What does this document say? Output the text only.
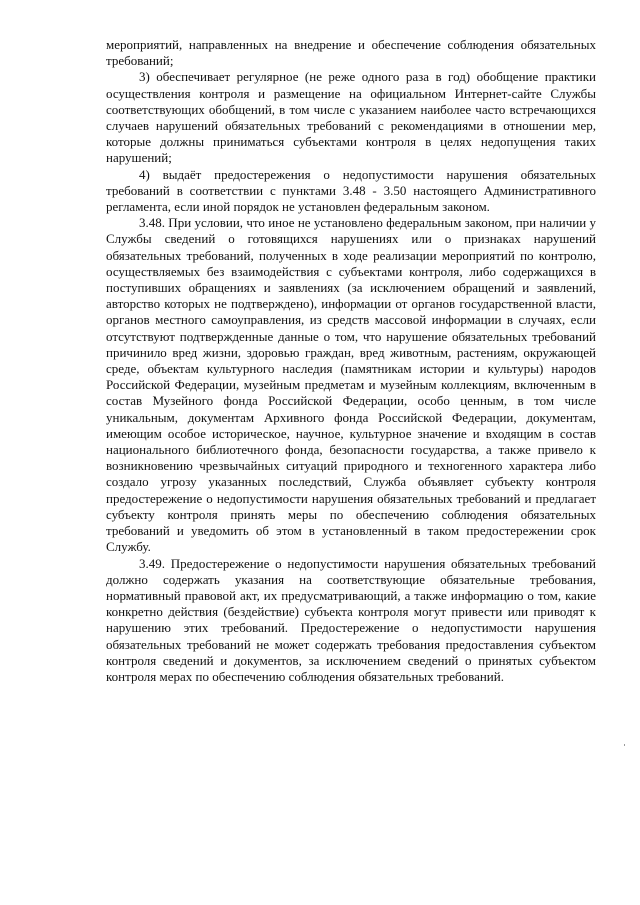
мероприятий, направленных на внедрение и обеспечение соблюдения обязательных требований;

3) обеспечивает регулярное (не реже одного раза в год) обобщение практики осуществления контроля и размещение на официальном Интернет-сайте Службы соответствующих обобщений, в том числе с указанием наиболее часто встречающихся случаев нарушений обязательных требований с рекомендациями в отношении мер, которые должны приниматься субъектами контроля в целях недопущения таких нарушений;

4) выдаёт предостережения о недопустимости нарушения обязательных требований в соответствии с пунктами 3.48 - 3.50 настоящего Административного регламента, если иной порядок не установлен федеральным законом.

3.48. При условии, что иное не установлено федеральным законом, при наличии у Службы сведений о готовящихся нарушениях или о признаках нарушений обязательных требований, полученных в ходе реализации мероприятий по контролю, осуществляемых без взаимодействия с субъектами контроля, либо содержащихся в поступивших обращениях и заявлениях (за исключением обращений и заявлений, авторство которых не подтверждено), информации от органов государственной власти, органов местного самоуправления, из средств массовой информации в случаях, если отсутствуют подтвержденные данные о том, что нарушение обязательных требований причинило вред жизни, здоровью граждан, вред животным, растениям, окружающей среде, объектам культурного наследия (памятникам истории и культуры) народов Российской Федерации, музейным предметам и музейным коллекциям, включенным в состав Музейного фонда Российской Федерации, особо ценным, в том числе уникальным, документам Архивного фонда Российской Федерации, документам, имеющим особое историческое, научное, культурное значение и входящим в состав национального библиотечного фонда, безопасности государства, а также привело к возникновению чрезвычайных ситуаций природного и техногенного характера либо создало угрозу указанных последствий, Служба объявляет субъекту контроля предостережение о недопустимости нарушения обязательных требований и предлагает субъекту контроля принять меры по обеспечению соблюдения обязательных требований и уведомить об этом в установленный в таком предостережении срок Службу.

3.49. Предостережение о недопустимости нарушения обязательных требований должно содержать указания на соответствующие обязательные требования, нормативный правовой акт, их предусматривающий, а также информацию о том, какие конкретно действия (бездействие) субъекта контроля могут привести или приводят к нарушению этих требований. Предостережение о недопустимости нарушения обязательных требований не может содержать требования предоставления субъектом контроля сведений и документов, за исключением сведений о принятых субъектом контроля мерах по обеспечению соблюдения обязательных требований.
